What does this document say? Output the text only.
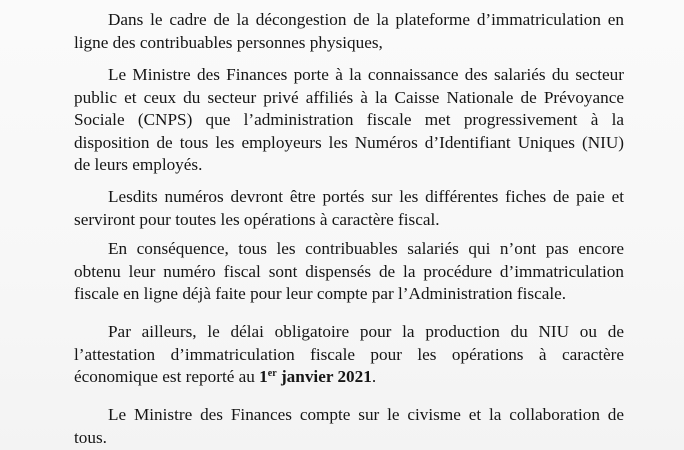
Dans le cadre de la décongestion de la plateforme d’immatriculation en
ligne des contribuables personnes physiques,

Le Ministre des Finances porte à la connaissance des salariés du secteur
public et ceux du secteur privé affiliés à la Caisse Nationale de Prévoyance
Sociale (CNPS) que l’administration fiscale met progressivement à la
disposition de tous les employeurs les Numéros d’Identifiant Uniques (NIU)
de leurs employés.

Lesdits numéros devront être portés sur les différentes fiches de paie et
serviront pour toutes les opérations à caractère fiscal.

En conséquence, tous les contribuables salariés qui n’ont pas encore
obtenu leur numéro fiscal sont dispensés de la procédure d’immatriculation
fiscale en ligne déjà faite pour leur compte par l’Administration fiscale.

Par ailleurs, le délai obligatoire pour la production du NIU ou de
l’attestation d’immatriculation fiscale pour les opérations à caractère
économique est reporté au 1er janvier 2021.

Le Ministre des Finances compte sur le civisme et la collaboration de
tous.
